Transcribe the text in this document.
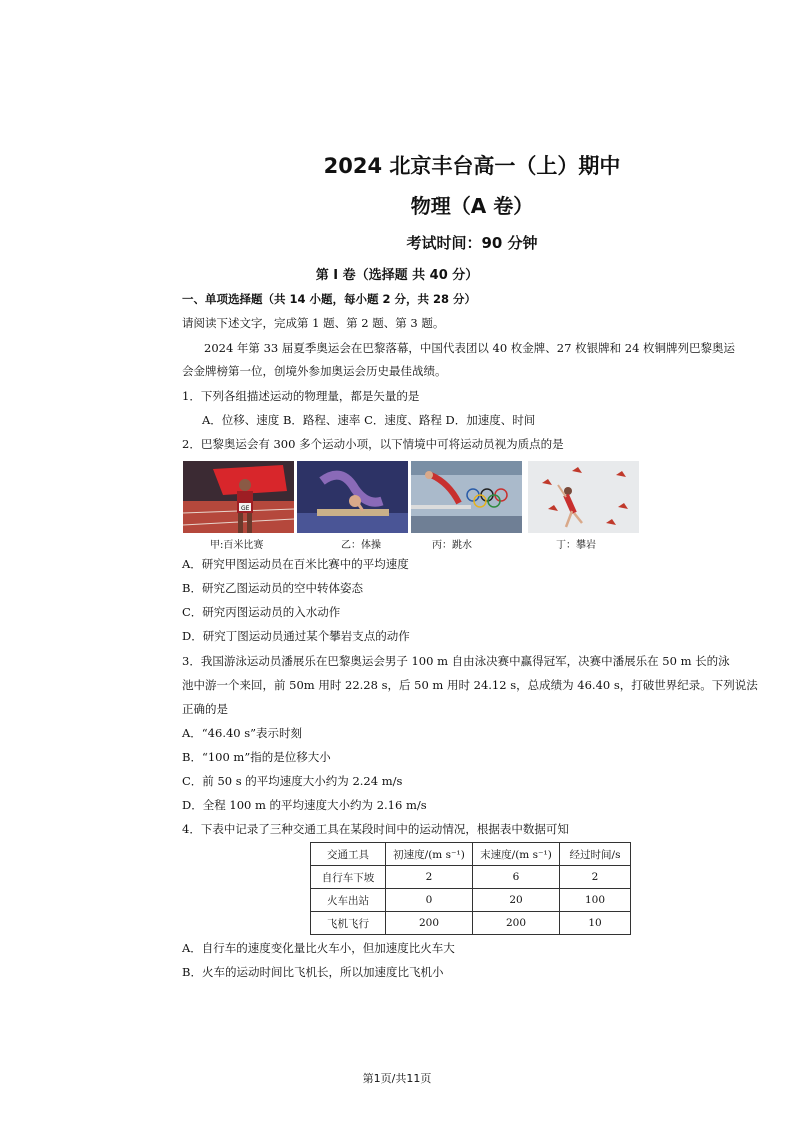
2024 北京丰台高一（上）期中
物理（A 卷）
考试时间：90 分钟
第 I 卷（选择题 共 40 分）
一、单项选择题（共 14 小题，每小题 2 分，共 28 分）
请阅读下述文字，完成第 1 题、第 2 题、第 3 题。
2024 年第 33 届夏季奥运会在巴黎落幕，中国代表团以 40 枚金牌、27 枚银牌和 24 枚铜牌列巴黎奥运
会金牌榜第一位，创境外参加奥运会历史最佳战绩。
1．下列各组描述运动的物理量，都是矢量的是
A．位移、速度 B．路程、速率 C．速度、路程 D．加速度、时间
2．巴黎奥运会有 300 多个运动小项，以下情境中可将运动员视为质点的是
GE
甲:百米比赛	乙：体操	丙：跳水	丁：攀岩
A．研究甲图运动员在百米比赛中的平均速度
B．研究乙图运动员的空中转体姿态
C．研究丙图运动员的入水动作
D．研究丁图运动员通过某个攀岩支点的动作
3．我国游泳运动员潘展乐在巴黎奥运会男子 100 m 自由泳决赛中赢得冠军，决赛中潘展乐在 50 m 长的泳
池中游一个来回，前 50m 用时 22.28 s，后 50 m 用时 24.12 s，总成绩为 46.40 s，打破世界纪录。下列说法
正确的是
A．“46.40 s”表示时刻
B．“100 m”指的是位移大小
C．前 50 s 的平均速度大小约为 2.24 m/s
D．全程 100 m 的平均速度大小约为 2.16 m/s
4．下表中记录了三种交通工具在某段时间中的运动情况，根据表中数据可知
交通工具	初速度/(m s⁻¹)	末速度/(m s⁻¹)	经过时间/s
自行车下坡	2	6	2
火车出站	0	20	100
飞机飞行	200	200	10
A．自行车的速度变化量比火车小，但加速度比火车大
B．火车的运动时间比飞机长，所以加速度比飞机小
第1页/共11页
